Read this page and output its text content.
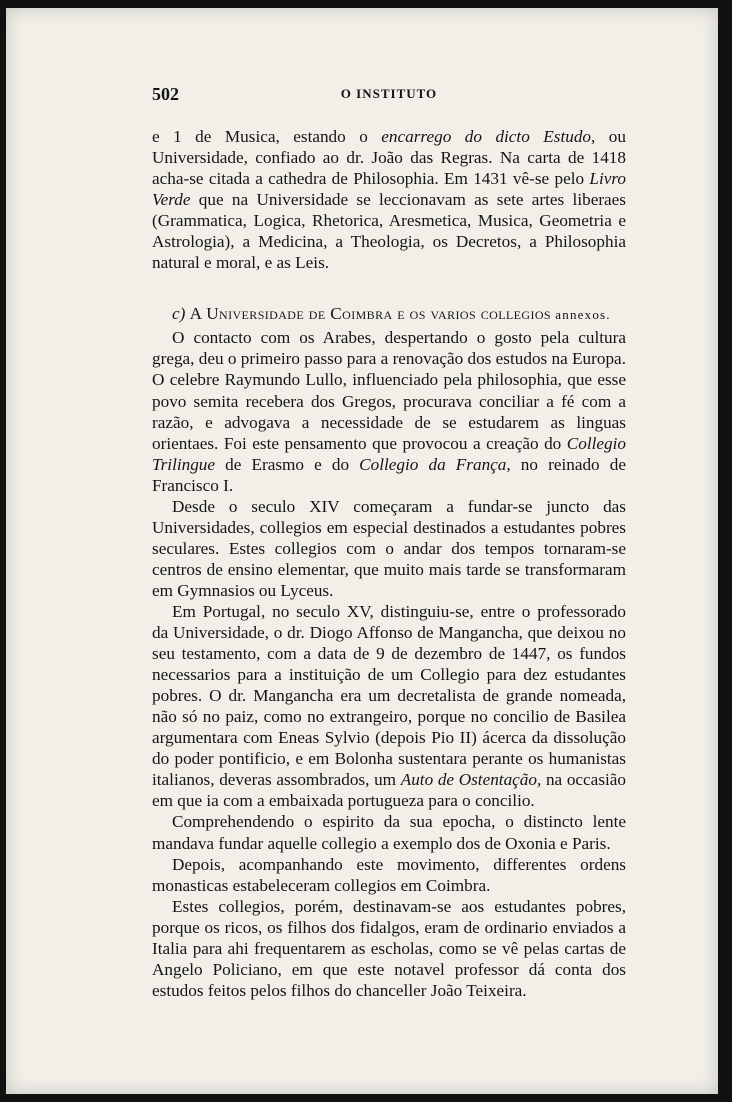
502	O INSTITUTO

e 1 de Musica, estando o encarrego do dicto Estudo, ou Universidade, confiado ao dr. João das Regras. Na carta de 1418 acha-se citada a cathedra de Philosophia. Em 1431 vê-se pelo Livro Verde que na Universidade se leccionavam as sete artes liberaes (Grammatica, Logica, Rhetorica, Aresmetica, Musica, Geometria e Astrologia), a Medicina, a Theologia, os Decretos, a Philosophia natural e moral, e as Leis.

c) A Universidade de Coimbra e os varios collegios annexos.

O contacto com os Arabes, despertando o gosto pela cultura grega, deu o primeiro passo para a renovação dos estudos na Europa. O celebre Raymundo Lullo, influenciado pela philosophia, que esse povo semita recebera dos Gregos, procurava conciliar a fé com a razão, e advogava a necessidade de se estudarem as linguas orientaes. Foi este pensamento que provocou a creação do Collegio Trilingue de Erasmo e do Collegio da França, no reinado de Francisco I.

Desde o seculo XIV começaram a fundar-se juncto das Universidades, collegios em especial destinados a estudantes pobres seculares. Estes collegios com o andar dos tempos tornaram-se centros de ensino elementar, que muito mais tarde se transformaram em Gymnasios ou Lyceus.

Em Portugal, no seculo XV, distinguiu-se, entre o professorado da Universidade, o dr. Diogo Affonso de Mangancha, que deixou no seu testamento, com a data de 9 de dezembro de 1447, os fundos necessarios para a instituição de um Collegio para dez estudantes pobres. O dr. Mangancha era um decretalista de grande nomeada, não só no paiz, como no extrangeiro, porque no concilio de Basilea argumentara com Eneas Sylvio (depois Pio II) ácerca da dissolução do poder pontificio, e em Bolonha sustentara perante os humanistas italianos, deveras assombrados, um Auto de Ostentação, na occasião em que ia com a embaixada portugueza para o concilio.

Comprehendendo o espirito da sua epocha, o distincto lente mandava fundar aquelle collegio a exemplo dos de Oxonia e Paris.

Depois, acompanhando este movimento, differentes ordens monasticas estabeleceram collegios em Coimbra.

Estes collegios, porém, destinavam-se aos estudantes pobres, porque os ricos, os filhos dos fidalgos, eram de ordinario enviados a Italia para ahi frequentarem as escholas, como se vê pelas cartas de Angelo Policiano, em que este notavel professor dá conta dos estudos feitos pelos filhos do chanceller João Teixeira.
